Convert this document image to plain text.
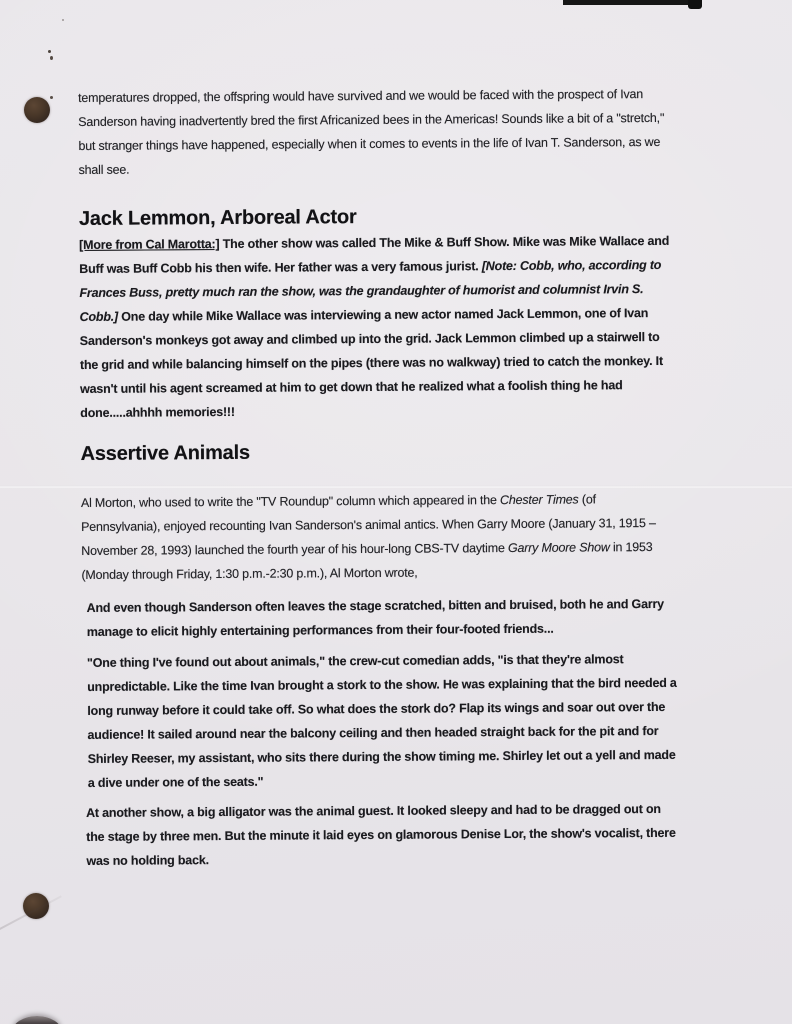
temperatures dropped, the offspring would have survived and we would be faced with the prospect of Ivan
Sanderson having inadvertently bred the first Africanized bees in the Americas! Sounds like a bit of a "stretch,"
but stranger things have happened, especially when it comes to events in the life of Ivan T. Sanderson, as we
shall see.
Jack Lemmon, Arboreal Actor
[More from Cal Marotta:] The other show was called The Mike & Buff Show. Mike was Mike Wallace and
Buff was Buff Cobb his then wife. Her father was a very famous jurist. [Note: Cobb, who, according to
Frances Buss, pretty much ran the show, was the grandaughter of humorist and columnist Irvin S.
Cobb.] One day while Mike Wallace was interviewing a new actor named Jack Lemmon, one of Ivan
Sanderson's monkeys got away and climbed up into the grid. Jack Lemmon climbed up a stairwell to
the grid and while balancing himself on the pipes (there was no walkway) tried to catch the monkey. It
wasn't until his agent screamed at him to get down that he realized what a foolish thing he had
done.....ahhhh memories!!!
Assertive Animals
Al Morton, who used to write the "TV Roundup" column which appeared in the Chester Times (of
Pennsylvania), enjoyed recounting Ivan Sanderson's animal antics. When Garry Moore (January 31, 1915 –
November 28, 1993) launched the fourth year of his hour-long CBS-TV daytime Garry Moore Show in 1953
(Monday through Friday, 1:30 p.m.-2:30 p.m.), Al Morton wrote,
And even though Sanderson often leaves the stage scratched, bitten and bruised, both he and Garry
manage to elicit highly entertaining performances from their four-footed friends...
"One thing I've found out about animals," the crew-cut comedian adds, "is that they're almost
unpredictable. Like the time Ivan brought a stork to the show. He was explaining that the bird needed a
long runway before it could take off. So what does the stork do? Flap its wings and soar out over the
audience! It sailed around near the balcony ceiling and then headed straight back for the pit and for
Shirley Reeser, my assistant, who sits there during the show timing me. Shirley let out a yell and made
a dive under one of the seats."
At another show, a big alligator was the animal guest. It looked sleepy and had to be dragged out on
the stage by three men. But the minute it laid eyes on glamorous Denise Lor, the show's vocalist, there
was no holding back.
